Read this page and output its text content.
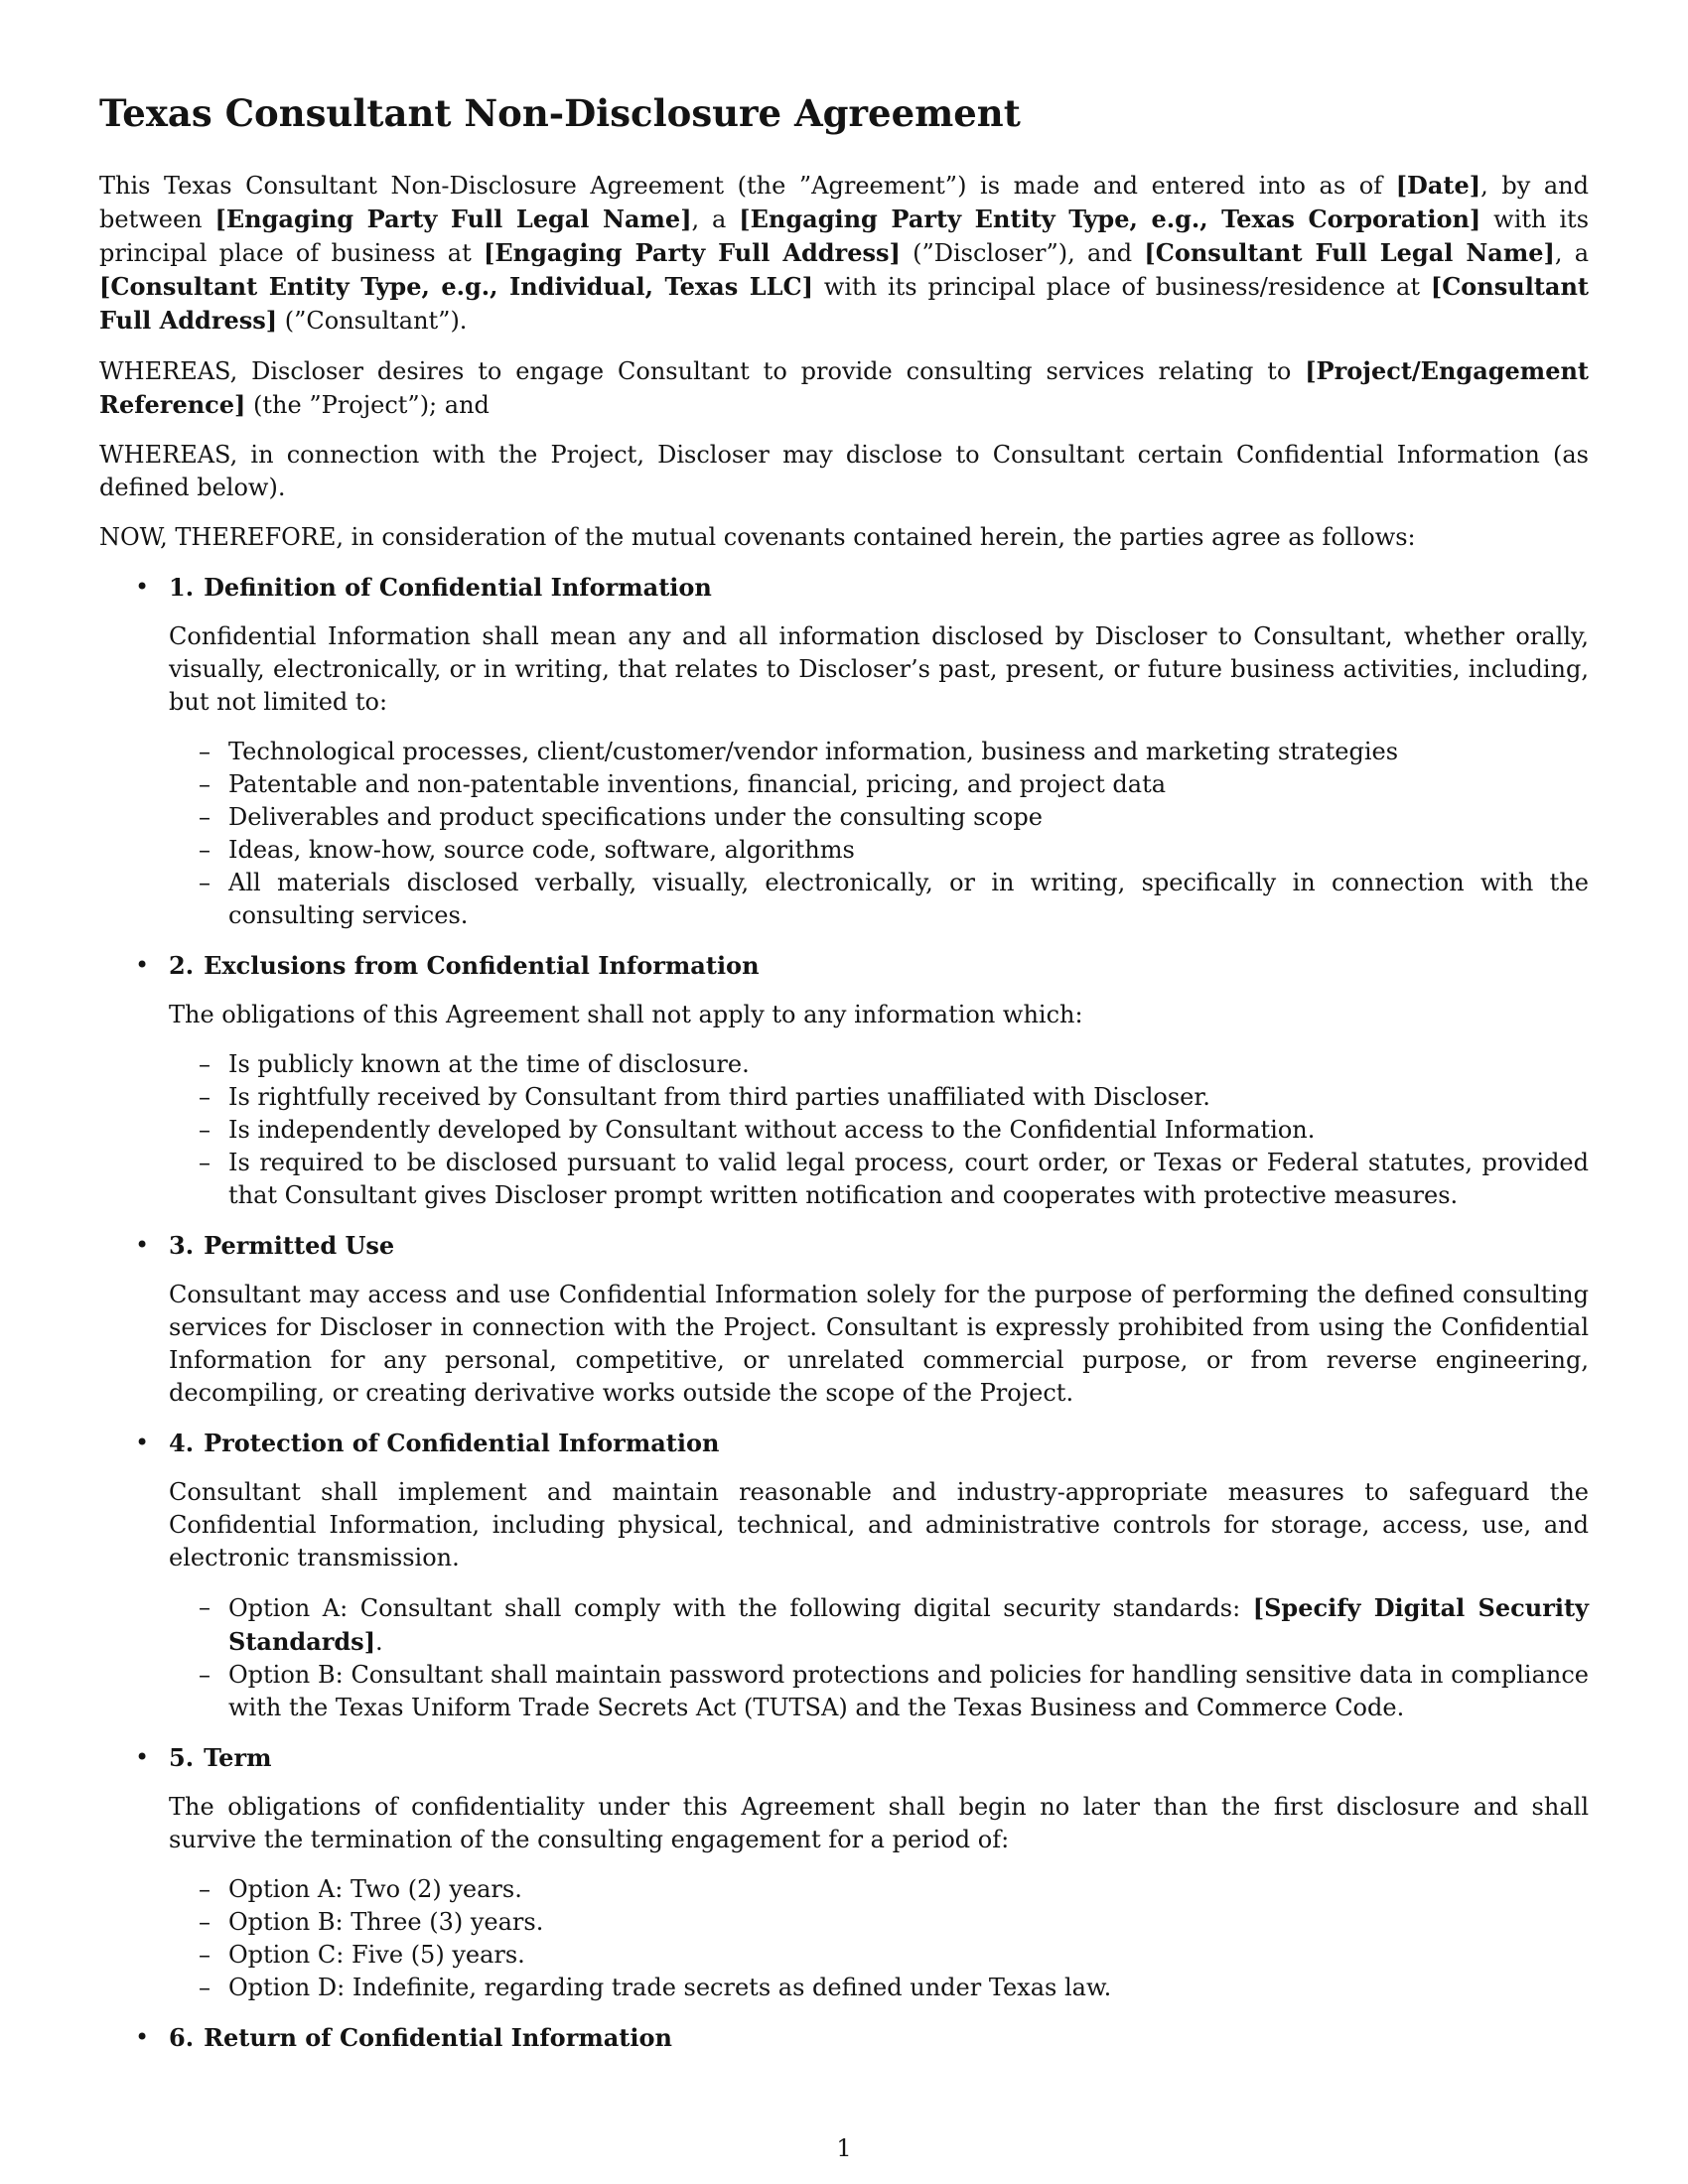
Texas Consultant Non-Disclosure Agreement

This Texas Consultant Non-Disclosure Agreement (the ”Agreement”) is made and entered into as of [Date], by and between [Engaging Party Full Legal Name], a [Engaging Party Entity Type, e.g., Texas Corporation] with its principal place of business at [Engaging Party Full Address] (”Discloser”), and [Consultant Full Legal Name], a [Consultant Entity Type, e.g., Individual, Texas LLC] with its principal place of business/residence at [Consultant Full Address] (”Consultant”).

WHEREAS, Discloser desires to engage Consultant to provide consulting services relating to [Project/Engagement Reference] (the ”Project”); and

WHEREAS, in connection with the Project, Discloser may disclose to Consultant certain Confidential Information (as defined below).

NOW, THEREFORE, in consideration of the mutual covenants contained herein, the parties agree as follows:

• 1. Definition of Confidential Information
Confidential Information shall mean any and all information disclosed by Discloser to Consultant, whether orally, visually, electronically, or in writing, that relates to Discloser’s past, present, or future business activities, including, but not limited to:
– Technological processes, client/customer/vendor information, business and marketing strategies
– Patentable and non-patentable inventions, financial, pricing, and project data
– Deliverables and product specifications under the consulting scope
– Ideas, know-how, source code, software, algorithms
– All materials disclosed verbally, visually, electronically, or in writing, specifically in connection with the consulting services.
• 2. Exclusions from Confidential Information
The obligations of this Agreement shall not apply to any information which:
– Is publicly known at the time of disclosure.
– Is rightfully received by Consultant from third parties unaffiliated with Discloser.
– Is independently developed by Consultant without access to the Confidential Information.
– Is required to be disclosed pursuant to valid legal process, court order, or Texas or Federal statutes, provided that Consultant gives Discloser prompt written notification and cooperates with protective measures.
• 3. Permitted Use
Consultant may access and use Confidential Information solely for the purpose of performing the defined consulting services for Discloser in connection with the Project. Consultant is expressly prohibited from using the Confidential Information for any personal, competitive, or unrelated commercial purpose, or from reverse engineering, decompiling, or creating derivative works outside the scope of the Project.
• 4. Protection of Confidential Information
Consultant shall implement and maintain reasonable and industry-appropriate measures to safeguard the Confidential Information, including physical, technical, and administrative controls for storage, access, use, and electronic transmission.
– Option A: Consultant shall comply with the following digital security standards: [Specify Digital Security Standards].
– Option B: Consultant shall maintain password protections and policies for handling sensitive data in compliance with the Texas Uniform Trade Secrets Act (TUTSA) and the Texas Business and Commerce Code.
• 5. Term
The obligations of confidentiality under this Agreement shall begin no later than the first disclosure and shall survive the termination of the consulting engagement for a period of:
– Option A: Two (2) years.
– Option B: Three (3) years.
– Option C: Five (5) years.
– Option D: Indefinite, regarding trade secrets as defined under Texas law.
• 6. Return of Confidential Information
1
